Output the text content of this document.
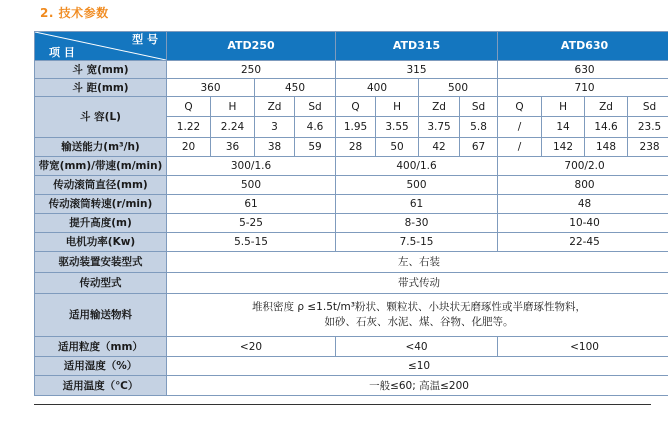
2. 技术参数
型 号
项 目	ATD250				ATD315				ATD630			
斗 宽(mm)	250				315				630			
斗 距(mm)	360		450		400		500		710			
斗 容(L)	Q	H	Zd	Sd	Q	H	Zd	Sd	Q	H	Zd	Sd
	1.22	2.24	3	4.6	1.95	3.55	3.75	5.8	/	14	14.6	23.5
输送能力(m³/h)	20	36	38	59	28	50	42	67	/	142	148	238
带宽(mm)/带速(m/min)	300/1.6				400/1.6				700/2.0			
传动滚筒直径(mm)	500				500				800			
传动滚筒转速(r/min)	61				61				48			
提升高度(m)	5-25				8-30				10-40			
电机功率(Kw)	5.5-15				7.5-15				22-45			
驱动装置安装型式	左、右装											
传动型式	带式传动											
适用输送物料	堆积密度 ρ ≤1.5t/m³粉状、颗粒状、小块状无磨琢性或半磨琢性物料，
如砂、石灰、水泥、煤、谷物、化肥等。											

适用粒度（mm）	<20				<40				<100			
适用湿度（%）	≤10											
适用温度（℃）	一般≤60; 高温≤200											
